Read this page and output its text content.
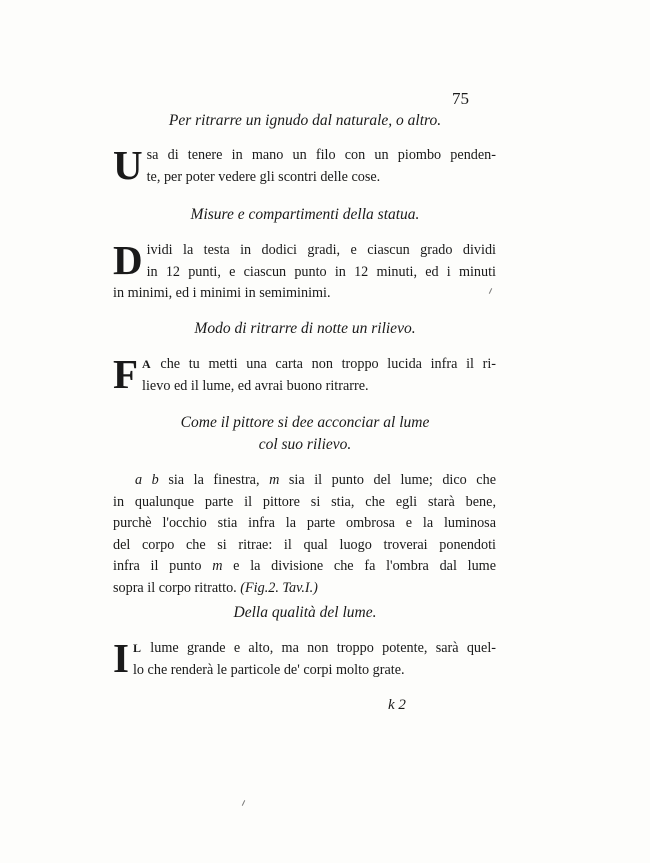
75
Per ritrarre un ignudo dal naturale, o altro.
U sa di tenere in mano un filo con un piombo penden-
te, per poter vedere gli scontri delle cose.
Misure e compartimenti della statua.
D ividi la testa in dodici gradi, e ciascun grado dividi
in 12 punti, e ciascun punto in 12 minuti, ed i minuti
in minimi, ed i minimi in semiminimi.
Modo di ritrarre di notte un rilievo.
F A che tu metti una carta non troppo lucida infra il ri-
lievo ed il lume, ed avrai buono ritrarre.
Come il pittore si dee acconciar al lume
col suo rilievo.
a b sia la finestra, m sia il punto del lume; dico che
in qualunque parte il pittore si stia, che egli starà bene,
purchè l'occhio stia infra la parte ombrosa e la luminosa
del corpo che si ritrae: il qual luogo troverai ponendoti
infra il punto m e la divisione che fa l'ombra dal lume
sopra il corpo ritratto. (Fig.2. Tav.I.)
Della qualità del lume.
I L lume grande e alto, ma non troppo potente, sarà quel-
lo che renderà le particole de' corpi molto grate.
k 2
